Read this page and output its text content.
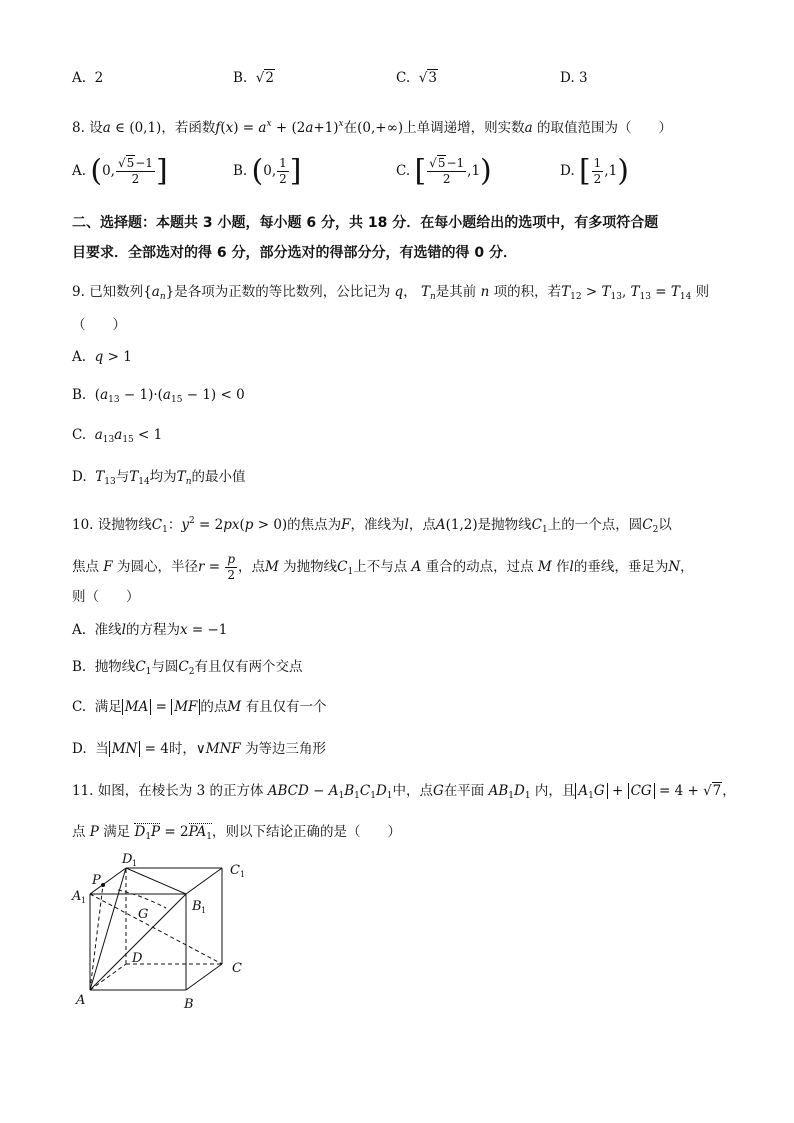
A. 2	B.  √2	C.  √3	D. 3
8. 设a ∈ (0,1)，若函数$f(x) = a^x + (2a+1)^x$在(0,+∞)上单调递增，则实数a 的取值范围为（　　）
A. (0, $\frac{√5-1}{2}$ ]	B. (0, $\frac{1}{2}$ ]	C. [ $\frac{√5-1}{2} ,1$)	D. [ $\frac{1}{2} ,1$)
二、选择题：本题共 3 小题，每小题 6 分，共 18 分．在每小题给出的选项中，有多项符合题
目要求．全部选对的得 6 分，部分选对的得部分分，有选错的得 0 分．
9. 已知数列$\{a_n\}$是各项为正数的等比数列，公比记为 q， $T_n$是其前 n 项的积，若$T_{12} > T_{13}$, $T_{13} = T_{14}$ 则
（　　）
A. q > 1
B.  $(a_{13} - 1)\cdot(a_{15} - 1) < 0$
C. $a_{13}a_{15} < 1$
D. $T_{13}$与$T_{14}$均为$T_n$的最小值
10. 设抛物线$C_1$：$y^2 = 2px(p > 0)$的焦点为F，准线为l，点A(1,2)是抛物线$C_1$上的一个点，圆$C_2$以
焦点 F 为圆心，半径$r = \frac{p}{2}$ ，点M 为抛物线$C_1$上不与点 A 重合的动点，过点 M 作l的垂线，垂足为N，
则（　　）
A. 准线l的方程为x = −1
B. 抛物线$C_1$与圆$C_2$有且仅有两个交点
C. 满足 MA = MF 的点M 有且仅有一个
D. 当 MN = 4时，∨MNF 为等边三角形
11. 如图，在棱长为 3 的正方体 ABCD − $A_1B_1C_1D_1$中，点G在平面 $AB_1D_1$ 内，且 $A_1G$ + CG = 4 + √7，
点 P 满足 $D_1P = 2PA_1$，则以下结论正确的是（　　）
D 1	C 1
P
A 1
G
B 1
D
C
A	B
